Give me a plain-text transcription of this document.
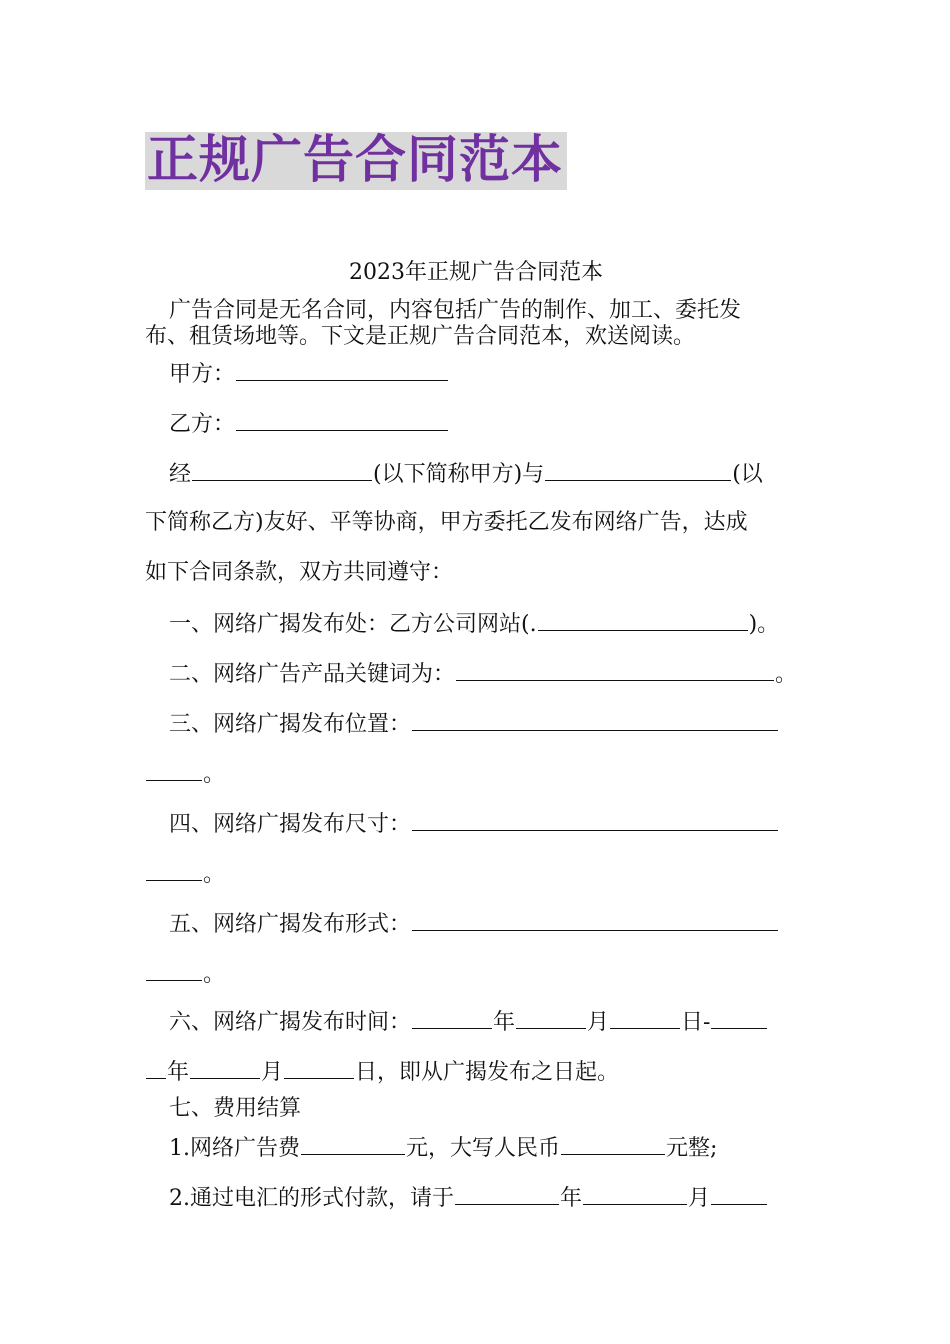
正规广告合同范本
2023年正规广告合同范本
广告合同是无名合同，内容包括广告的制作、加工、委托发
布、租赁场地等。下文是正规广告合同范本，欢送阅读。
甲方：
乙方：
经	(以下简称甲方)与	(以
下简称乙方)友好、平等协商，甲方委托乙发布网络广告，达成
如下合同条款，双方共同遵守：
一、网络广揭发布处：乙方公司网站(.	)。
二、网络广告产品关键词为：	。
三、网络广揭发布位置：
。
四、网络广揭发布尺寸：
。
五、网络广揭发布形式：
。
六、网络广揭发布时间：	年	月	日-
年	月	日，即从广揭发布之日起。
七、费用结算
1.网络广告费	元，大写人民币	元整;
2.通过电汇的形式付款，请于	年	月
